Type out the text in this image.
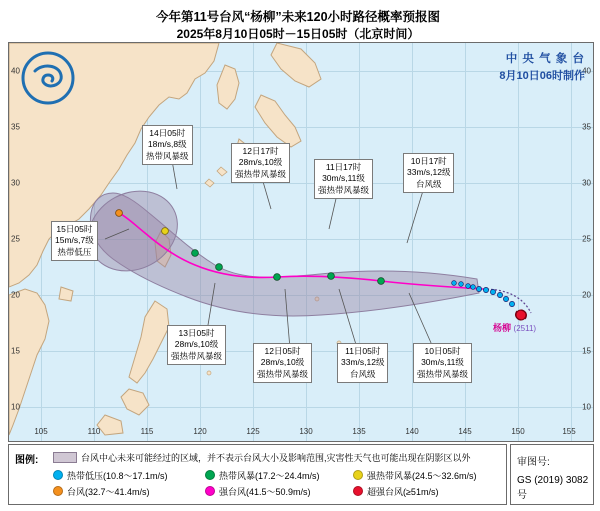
今年第11号台风“杨柳”未来120小时路径概率预报图
2025年8月10日05时－15日05时（北京时间）
105	110	115	120	125	130	135	140	145	150	155
40
35
30
25
20
15
10
40
35
30
25
20
15
10
中 央 气 象 台
8月10日06时制作
14日05时
18m/s,8级
热带风暴级	12日17时
28m/s,10级
强热带风暴级
11日17时
30m/s,11级
强热带风暴级
10日17时
33m/s,12级
台风级
15日05时
15m/s,7级
热带低压
13日05时
28m/s,10级
强热带风暴级	12日05时
28m/s,10级
强热带风暴级
11日05时
33m/s,12级
台风级
10日05时
30m/s,11级
强热带风暴级
杨柳 (2511)
图例:	台风中心未来可能经过的区域，并不表示台风大小及影响范围,灾害性天气也可能出现在阴影区以外
热带低压(10.8～17.1m/s)	热带风暴(17.2～24.4m/s)	强热带风暴(24.5～32.6m/s)
台风(32.7～41.4m/s)	强台风(41.5～50.9m/s)	超强台风(≥51m/s)
审图号:
GS (2019) 3082号
